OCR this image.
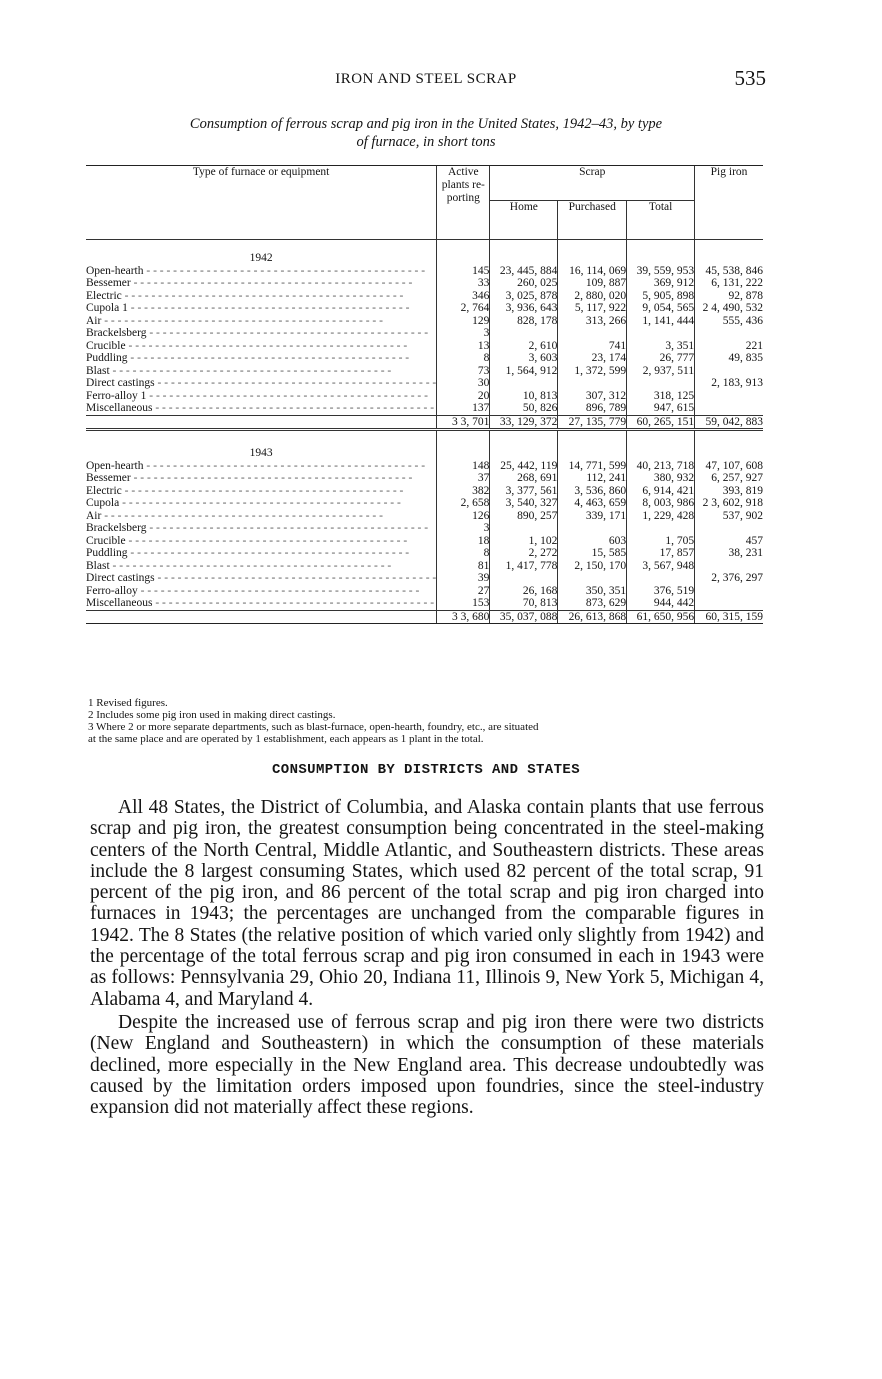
IRON AND STEEL SCRAP	535
Consumption of ferrous scrap and pig iron in the United States, 1942–43, by type
of furnace, in short tons
Type of furnace or equipment	Active plants re-porting	Scrap			Pig iron
		Home	Purchased	Total	
1942					
Open-hearth - - - - - - - - - - - - - - - - - - - - - - - - - - - - - - - - - - - - - - - - - -	145	23, 445, 884	16, 114, 069	39, 559, 953	45, 538, 846
Bessemer - - - - - - - - - - - - - - - - - - - - - - - - - - - - - - - - - - - - - - - - - -	33	260, 025	109, 887	369, 912	6, 131, 222
Electric - - - - - - - - - - - - - - - - - - - - - - - - - - - - - - - - - - - - - - - - - -	346	3, 025, 878	2, 880, 020	5, 905, 898	92, 878
Cupola 1 - - - - - - - - - - - - - - - - - - - - - - - - - - - - - - - - - - - - - - - - - -	2, 764	3, 936, 643	5, 117, 922	9, 054, 565	2 4, 490, 532
Air - - - - - - - - - - - - - - - - - - - - - - - - - - - - - - - - - - - - - - - - - -	129	828, 178	313, 266	1, 141, 444	555, 436
Brackelsberg - - - - - - - - - - - - - - - - - - - - - - - - - - - - - - - - - - - - - - - - - -	3				
Crucible - - - - - - - - - - - - - - - - - - - - - - - - - - - - - - - - - - - - - - - - - -	13	2, 610	741	3, 351	221
Puddling - - - - - - - - - - - - - - - - - - - - - - - - - - - - - - - - - - - - - - - - - -	8	3, 603	23, 174	26, 777	49, 835
Blast - - - - - - - - - - - - - - - - - - - - - - - - - - - - - - - - - - - - - - - - - -	73	1, 564, 912	1, 372, 599	2, 937, 511	
Direct castings - - - - - - - - - - - - - - - - - - - - - - - - - - - - - - - - - - - - - - - - - -	30				2, 183, 913
Ferro-alloy 1 - - - - - - - - - - - - - - - - - - - - - - - - - - - - - - - - - - - - - - - - - -	20	10, 813	307, 312	318, 125	
Miscellaneous - - - - - - - - - - - - - - - - - - - - - - - - - - - - - - - - - - - - - - - - - -	137	50, 826	896, 789	947, 615	
	3 3, 701	33, 129, 372	27, 135, 779	60, 265, 151	59, 042, 883

1943					
Open-hearth - - - - - - - - - - - - - - - - - - - - - - - - - - - - - - - - - - - - - - - - - -	148	25, 442, 119	14, 771, 599	40, 213, 718	47, 107, 608
Bessemer - - - - - - - - - - - - - - - - - - - - - - - - - - - - - - - - - - - - - - - - - -	37	268, 691	112, 241	380, 932	6, 257, 927
Electric - - - - - - - - - - - - - - - - - - - - - - - - - - - - - - - - - - - - - - - - - -	382	3, 377, 561	3, 536, 860	6, 914, 421	393, 819
Cupola - - - - - - - - - - - - - - - - - - - - - - - - - - - - - - - - - - - - - - - - - -	2, 658	3, 540, 327	4, 463, 659	8, 003, 986	2 3, 602, 918
Air - - - - - - - - - - - - - - - - - - - - - - - - - - - - - - - - - - - - - - - - - -	126	890, 257	339, 171	1, 229, 428	537, 902
Brackelsberg - - - - - - - - - - - - - - - - - - - - - - - - - - - - - - - - - - - - - - - - - -	3				
Crucible - - - - - - - - - - - - - - - - - - - - - - - - - - - - - - - - - - - - - - - - - -	18	1, 102	603	1, 705	457
Puddling - - - - - - - - - - - - - - - - - - - - - - - - - - - - - - - - - - - - - - - - - -	8	2, 272	15, 585	17, 857	38, 231
Blast - - - - - - - - - - - - - - - - - - - - - - - - - - - - - - - - - - - - - - - - - -	81	1, 417, 778	2, 150, 170	3, 567, 948	
Direct castings - - - - - - - - - - - - - - - - - - - - - - - - - - - - - - - - - - - - - - - - - -	39				2, 376, 297
Ferro-alloy - - - - - - - - - - - - - - - - - - - - - - - - - - - - - - - - - - - - - - - - - -	27	26, 168	350, 351	376, 519	
Miscellaneous - - - - - - - - - - - - - - - - - - - - - - - - - - - - - - - - - - - - - - - - - -	153	70, 813	873, 629	944, 442	
	3 3, 680	35, 037, 088	26, 613, 868	61, 650, 956	60, 315, 159
1 Revised figures.
2 Includes some pig iron used in making direct castings.
3 Where 2 or more separate departments, such as blast-furnace, open-hearth, foundry, etc., are situated
at the same place and are operated by 1 establishment, each appears as 1 plant in the total.
CONSUMPTION BY DISTRICTS AND STATES

All 48 States, the District of Columbia, and Alaska contain plants that use ferrous scrap and pig iron, the greatest consumption being concentrated in the steel-making centers of the North Central, Middle Atlantic, and Southeastern districts. These areas include the 8 largest consuming States, which used 82 percent of the total scrap, 91 percent of the pig iron, and 86 percent of the total scrap and pig iron charged into furnaces in 1943; the percentages are unchanged from the comparable figures in 1942. The 8 States (the relative position of which varied only slightly from 1942) and the percentage of the total ferrous scrap and pig iron consumed in each in 1943 were as follows: Pennsylvania 29, Ohio 20, Indiana 11, Illinois 9, New York 5, Michigan 4, Alabama 4, and Maryland 4.

Despite the increased use of ferrous scrap and pig iron there were two districts (New England and Southeastern) in which the consumption of these materials declined, more especially in the New England area. This decrease undoubtedly was caused by the limitation orders imposed upon foundries, since the steel-industry expansion did not materially affect these regions.
